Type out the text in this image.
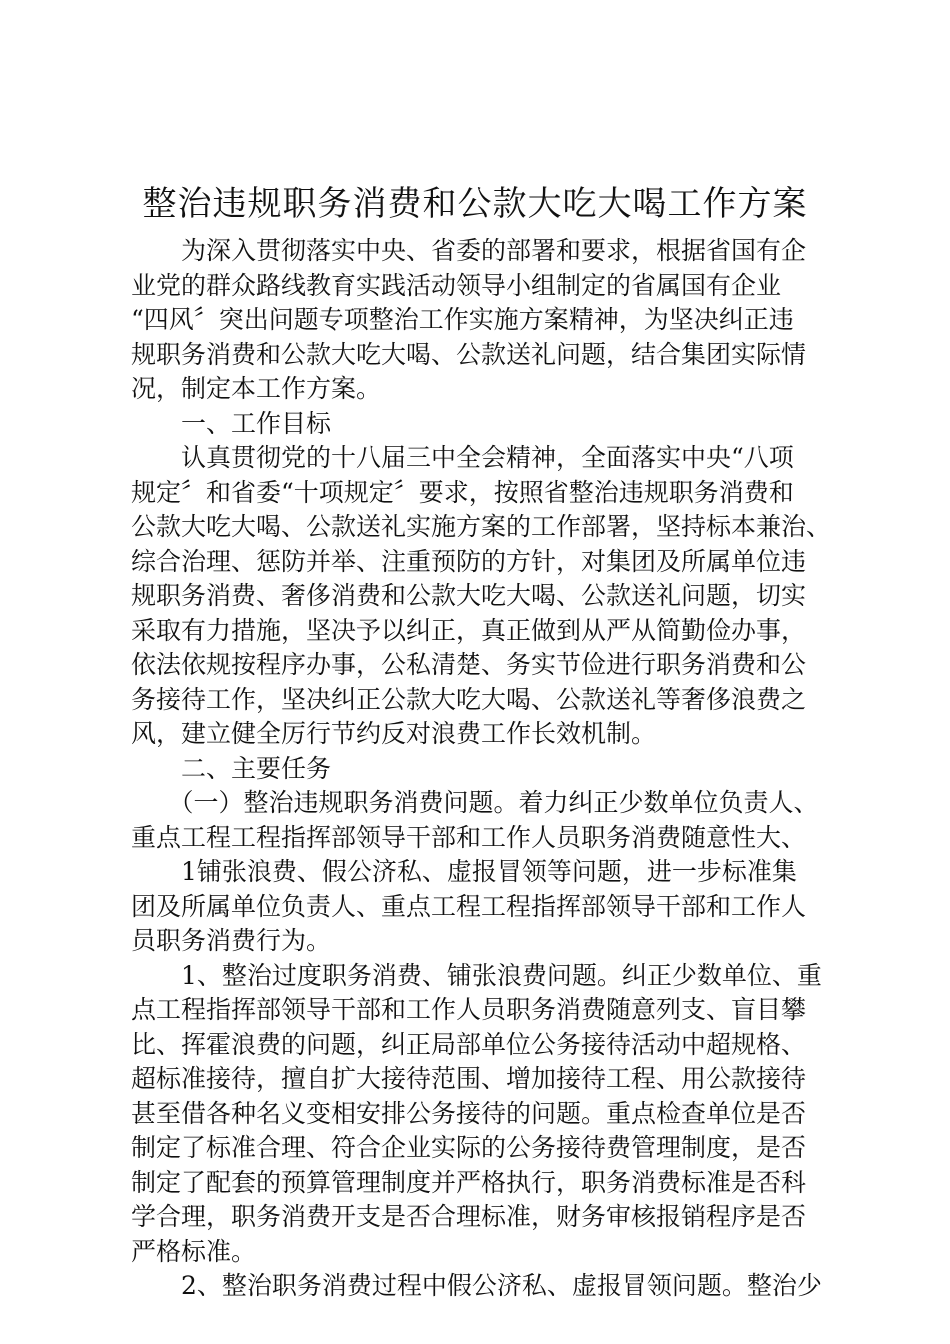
整治违规职务消费和公款大吃大喝工作方案
　　为深入贯彻落实中央、省委的部署和要求，根据省国有企
业党的群众路线教育实践活动领导小组制定的省属国有企业
“四风〞突出问题专项整治工作实施方案精神，为坚决纠正违
规职务消费和公款大吃大喝、公款送礼问题，结合集团实际情
况，制定本工作方案。
　　一、工作目标
　　认真贯彻党的十八届三中全会精神，全面落实中央“八项
规定〞和省委“十项规定〞要求，按照省整治违规职务消费和
公款大吃大喝、公款送礼实施方案的工作部署，坚持标本兼治、
综合治理、惩防并举、注重预防的方针，对集团及所属单位违
规职务消费、奢侈消费和公款大吃大喝、公款送礼问题，切实
采取有力措施，坚决予以纠正，真正做到从严从简勤俭办事，
依法依规按程序办事，公私清楚、务实节俭进行职务消费和公
务接待工作，坚决纠正公款大吃大喝、公款送礼等奢侈浪费之
风，建立健全厉行节约反对浪费工作长效机制。
　　二、主要任务
　　（一）整治违规职务消费问题。着力纠正少数单位负责人、
重点工程工程指挥部领导干部和工作人员职务消费随意性大、
　　1铺张浪费、假公济私、虚报冒领等问题，进一步标准集
团及所属单位负责人、重点工程工程指挥部领导干部和工作人
员职务消费行为。
　　1、整治过度职务消费、铺张浪费问题。纠正少数单位、重
点工程指挥部领导干部和工作人员职务消费随意列支、盲目攀
比、挥霍浪费的问题，纠正局部单位公务接待活动中超规格、
超标准接待，擅自扩大接待范围、增加接待工程、用公款接待
甚至借各种名义变相安排公务接待的问题。重点检查单位是否
制定了标准合理、符合企业实际的公务接待费管理制度，是否
制定了配套的预算管理制度并严格执行，职务消费标准是否科
学合理，职务消费开支是否合理标准，财务审核报销程序是否
严格标准。
　　2、整治职务消费过程中假公济私、虚报冒领问题。整治少
